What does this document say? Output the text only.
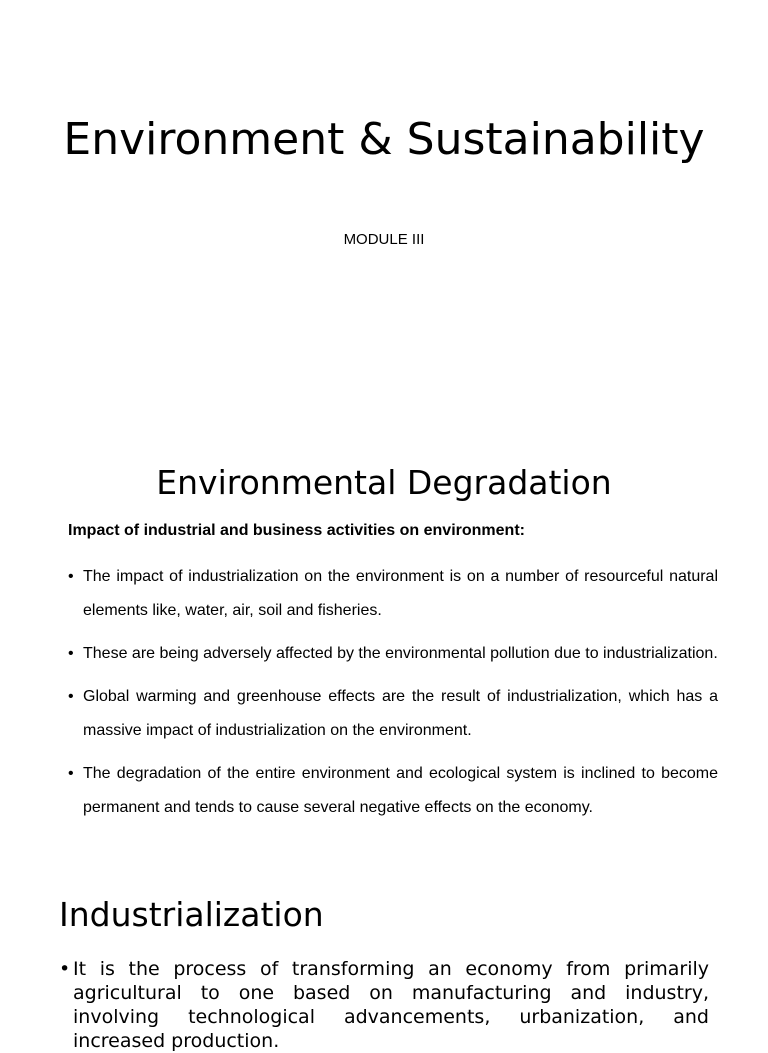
Environment & Sustainability

MODULE III

Environmental Degradation

Impact of industrial and business activities on environment:

• The impact of industrialization on the environment is on a number of resourceful natural elements like, water, air, soil and fisheries.
• These are being adversely affected by the environmental pollution due to industrialization.
• Global warming and greenhouse effects are the result of industrialization, which has a massive impact of industrialization on the environment.
• The degradation of the entire environment and ecological system is inclined to become permanent and tends to cause several negative effects on the economy.
Industrialization
• It is the process of transforming an economy from primarily agricultural to one based on manufacturing and industry, involving technological advancements, urbanization, and increased production.
